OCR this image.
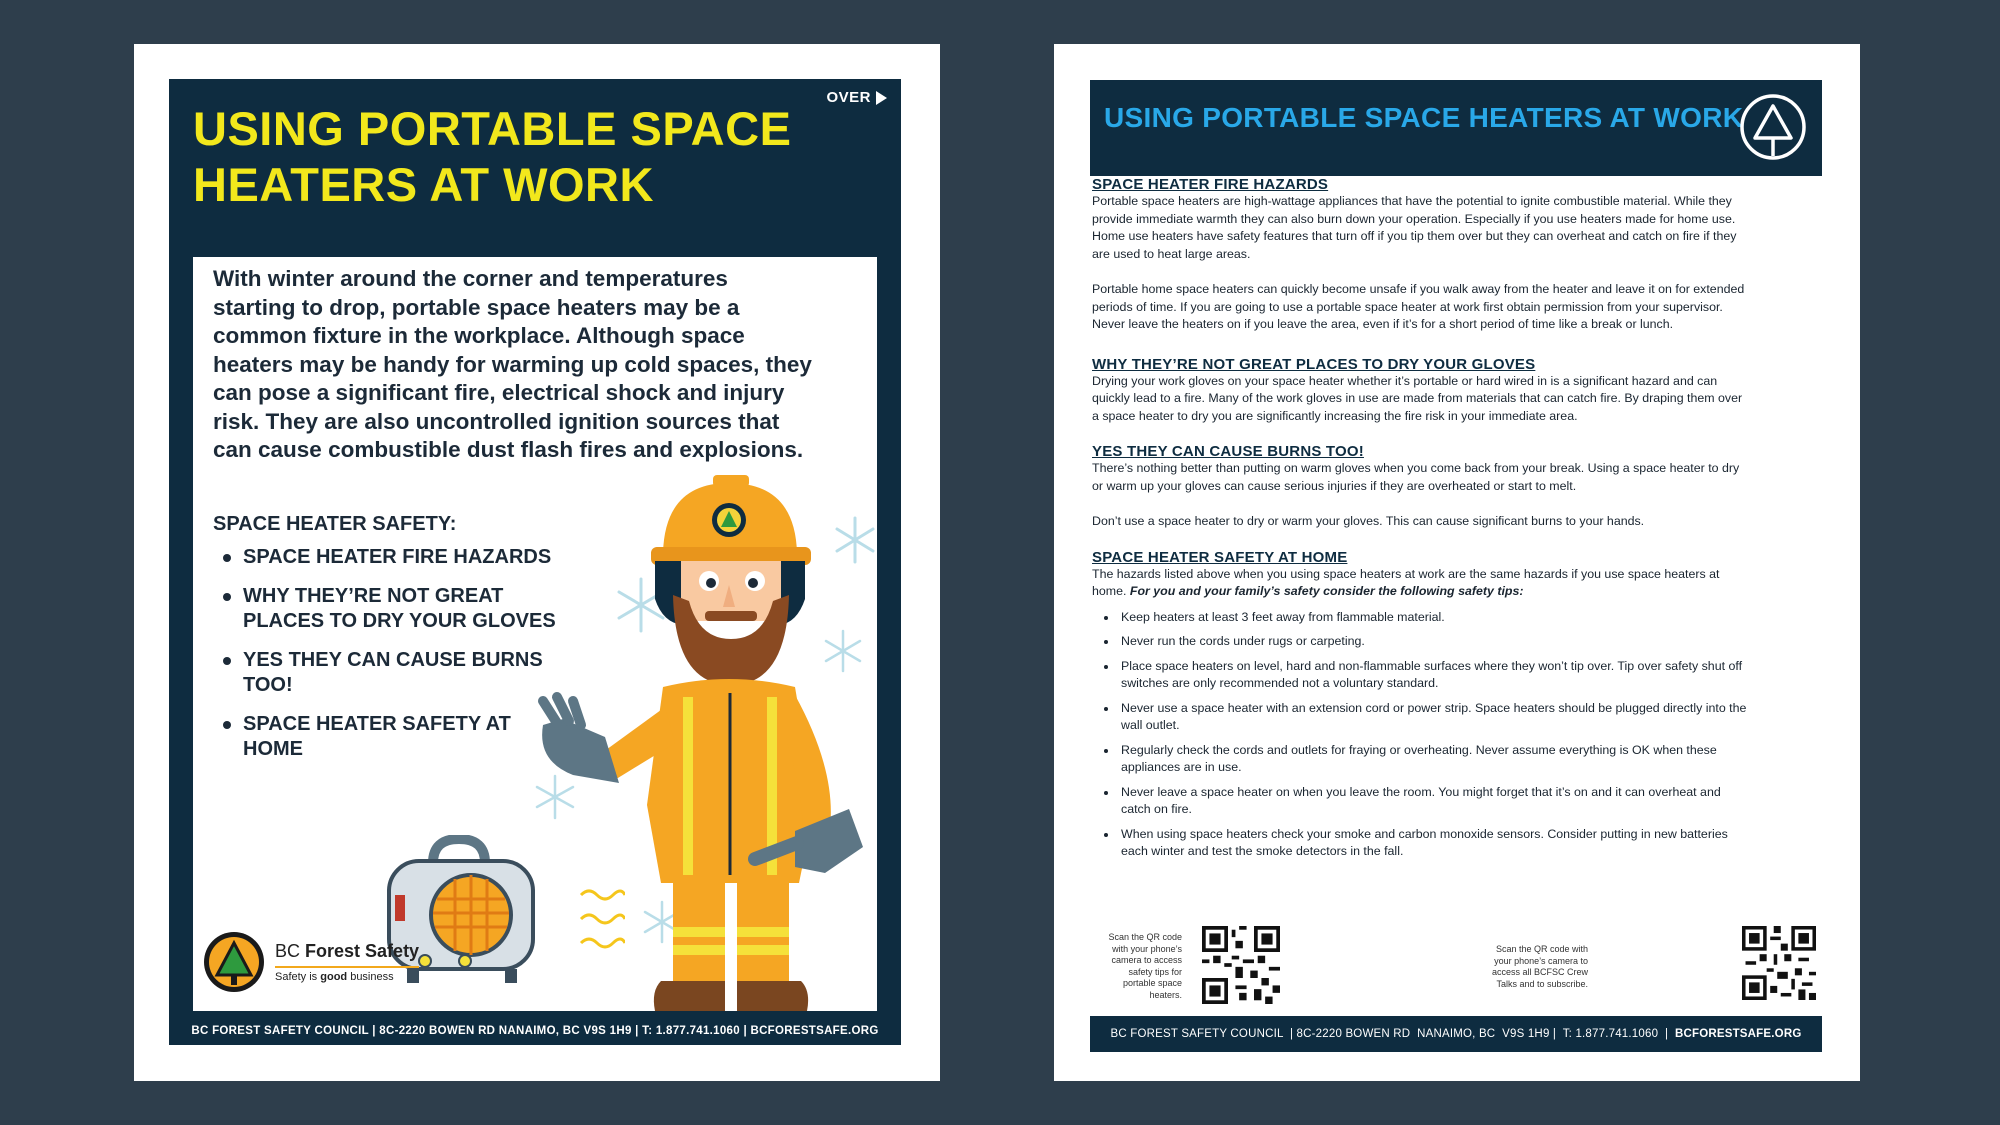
OVER
USING PORTABLE SPACE
HEATERS AT WORK
With winter around the corner and temperatures starting to drop, portable space heaters may be a common fixture in the workplace. Although space heaters may be handy for warming up cold spaces, they can pose a significant fire, electrical shock and injury risk. They are also uncontrolled ignition sources that can cause combustible dust flash fires and explosions.
SPACE HEATER SAFETY:
SPACE HEATER FIRE HAZARDS
WHY THEY’RE NOT GREAT PLACES TO DRY YOUR GLOVES
YES THEY CAN CAUSE BURNS TOO!
SPACE HEATER SAFETY AT HOME
BC Forest Safety
Safety is good business
BC FOREST SAFETY COUNCIL | 8C-2220 BOWEN RD NANAIMO, BC V9S 1H9 | T: 1.877.741.1060 | BCFORESTSAFE.ORG
USING PORTABLE SPACE HEATERS AT WORK
SPACE HEATER FIRE HAZARDS

Portable space heaters are high-wattage appliances that have the potential to ignite combustible material. While they provide immediate warmth they can also burn down your operation. Especially if you use heaters made for home use. Home use heaters have safety features that turn off if you tip them over but they can overheat and catch on fire if they are used to heat large areas.

Portable home space heaters can quickly become unsafe if you walk away from the heater and leave it on for extended periods of time. If you are going to use a portable space heater at work first obtain permission from your supervisor. Never leave the heaters on if you leave the area, even if it’s for a short period of time like a break or lunch.

WHY THEY’RE NOT GREAT PLACES TO DRY YOUR GLOVES

Drying your work gloves on your space heater whether it’s portable or hard wired in is a significant hazard and can quickly lead to a fire. Many of the work gloves in use are made from materials that can catch fire. By draping them over a space heater to dry you are significantly increasing the fire risk in your immediate area.

YES THEY CAN CAUSE BURNS TOO!

There’s nothing better than putting on warm gloves when you come back from your break. Using a space heater to dry or warm up your gloves can cause serious injuries if they are overheated or start to melt.

Don’t use a space heater to dry or warm your gloves. This can cause significant burns to your hands.

SPACE HEATER SAFETY AT HOME

The hazards listed above when you using space heaters at work are the same hazards if you use space heaters at home. For you and your family’s safety consider the following safety tips:

• Keep heaters at least 3 feet away from flammable material.
• Never run the cords under rugs or carpeting.
• Place space heaters on level, hard and non-flammable surfaces where they won’t tip over. Tip over safety shut off switches are only recommended not a voluntary standard.
• Never use a space heater with an extension cord or power strip. Space heaters should be plugged directly into the wall outlet.
• Regularly check the cords and outlets for fraying or overheating. Never assume everything is OK when these appliances are in use.
• Never leave a space heater on when you leave the room. You might forget that it’s on and it can overheat and catch on fire.
• When using space heaters check your smoke and carbon monoxide sensors. Consider putting in new batteries each winter and test the smoke detectors in the fall.
Scan the QR code with your phone’s camera to access safety tips for portable space heaters.
Scan the QR code with your phone’s camera to access all BCFSC Crew Talks and to subscribe.
BC FOREST SAFETY COUNCIL  | 8C-2220 BOWEN RD  NANAIMO, BC  V9S 1H9 |  T: 1.877.741.1060  | BCFORESTSAFE.ORG
